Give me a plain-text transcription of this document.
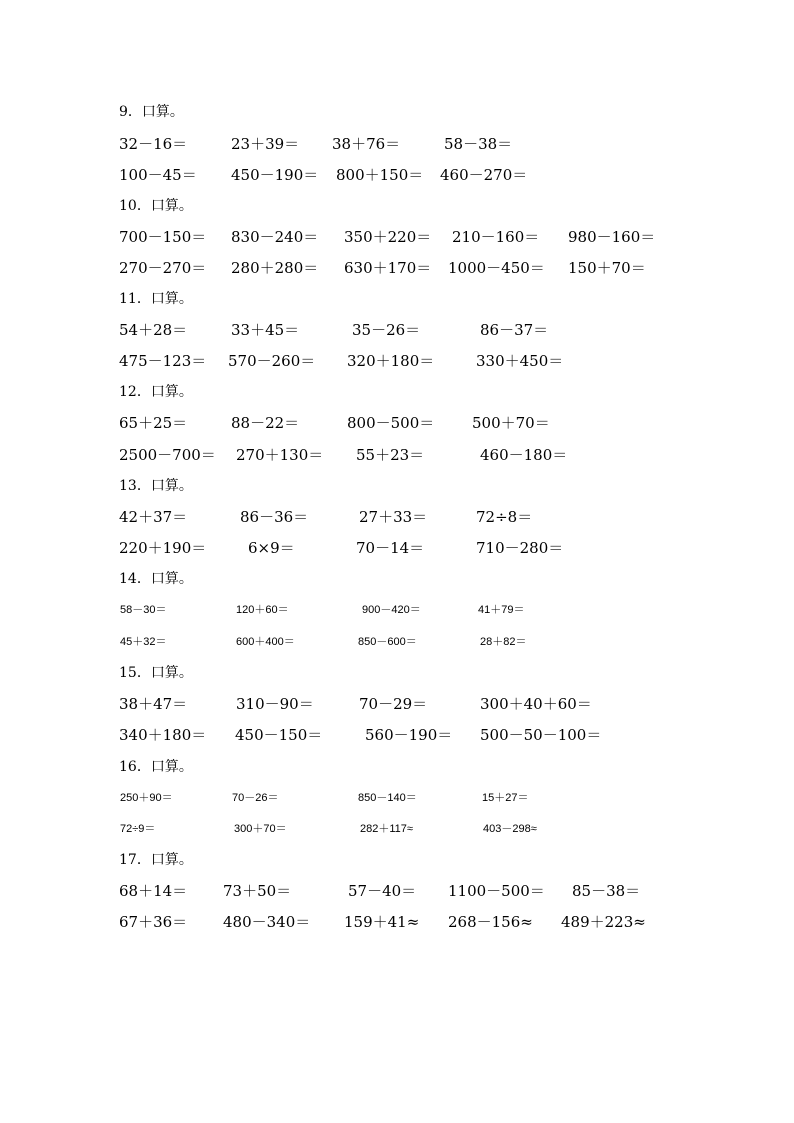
9．口算。
32－16＝	23＋39＝ 38＋76＝	58－38＝
100－45＝ 450－190＝ 800＋150＝ 460－270＝
10．口算。
700－150＝ 830－240＝ 350＋220＝ 210－160＝ 980－160＝
270－270＝ 280＋280＝ 630＋170＝ 1000－450＝ 150＋70＝
11．口算。
54＋28＝	33＋45＝	35－26＝	86－37＝
475－123＝ 570－260＝ 320＋180＝	330＋450＝
12．口算。
65＋25＝	88－22＝	800－500＝	500＋70＝
2500－700＝ 270＋130＝ 55＋23＝	460－180＝
13．口算。
42＋37＝	86－36＝	27＋33＝	72÷8＝
220＋190＝	6×9＝	70－14＝	710－280＝
14．口算。
58－30＝	120＋60＝	900－420＝	41＋79＝
45＋32＝	600＋400＝	850－600＝	28＋82＝
15．口算。
38＋47＝	310－90＝	70－29＝	300＋40＋60＝
340＋180＝ 450－150＝	560－190＝ 500－50－100＝
16．口算。
250＋90＝	70－26＝	850－140＝	15＋27＝
72÷9＝	300＋70＝	282＋117≈	403－298≈
17．口算。
68＋14＝ 73＋50＝	57－40＝ 1100－500＝ 85－38＝
67＋36＝ 480－340＝ 159＋41≈ 268－156≈ 489＋223≈
